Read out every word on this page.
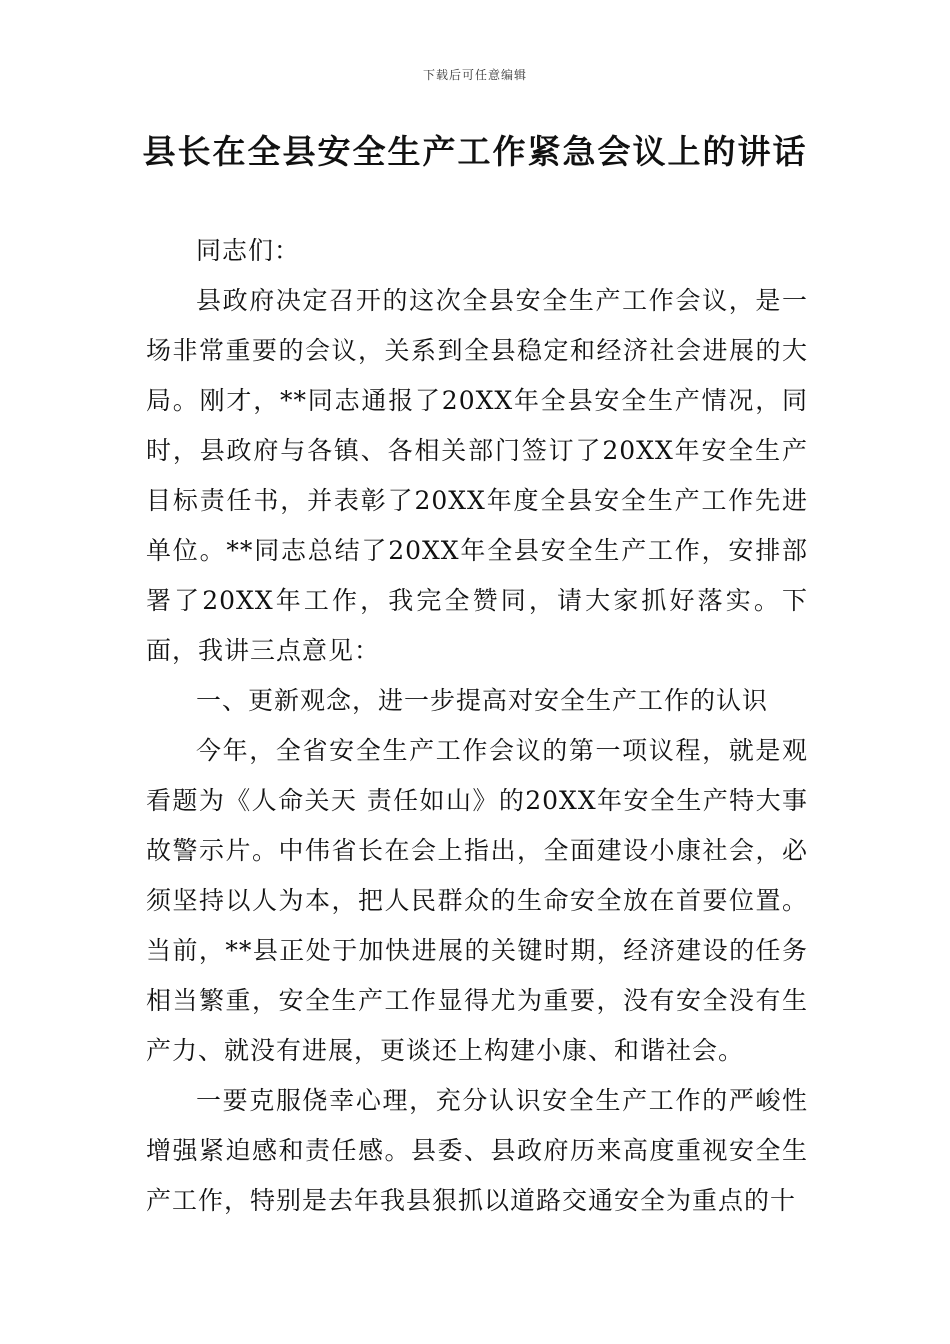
下载后可任意编辑
县长在全县安全生产工作紧急会议上的讲话

同志们：

县政府决定召开的这次全县安全生产工作会议，是一场非常重要的会议，关系到全县稳定和经济社会进展的大局。刚才，**同志通报了20XX年全县安全生产情况，同时，县政府与各镇、各相关部门签订了20XX年安全生产目标责任书，并表彰了20XX年度全县安全生产工作先进单位。**同志总结了20XX年全县安全生产工作，安排部署了20XX年工作，我完全赞同，请大家抓好落实。下面，我讲三点意见：

一、更新观念，进一步提高对安全生产工作的认识

今年，全省安全生产工作会议的第一项议程，就是观看题为《人命关天 责任如山》的20XX年安全生产特大事故警示片。中伟省长在会上指出，全面建设小康社会，必须坚持以人为本，把人民群众的生命安全放在首要位置。当前，**县正处于加快进展的关键时期，经济建设的任务相当繁重，安全生产工作显得尤为重要，没有安全没有生产力、就没有进展，更谈还上构建小康、和谐社会。

一要克服侥幸心理，充分认识安全生产工作的严峻性增强紧迫感和责任感。县委、县政府历来高度重视安全生产工作，特别是去年我县狠抓以道路交通安全为重点的十
